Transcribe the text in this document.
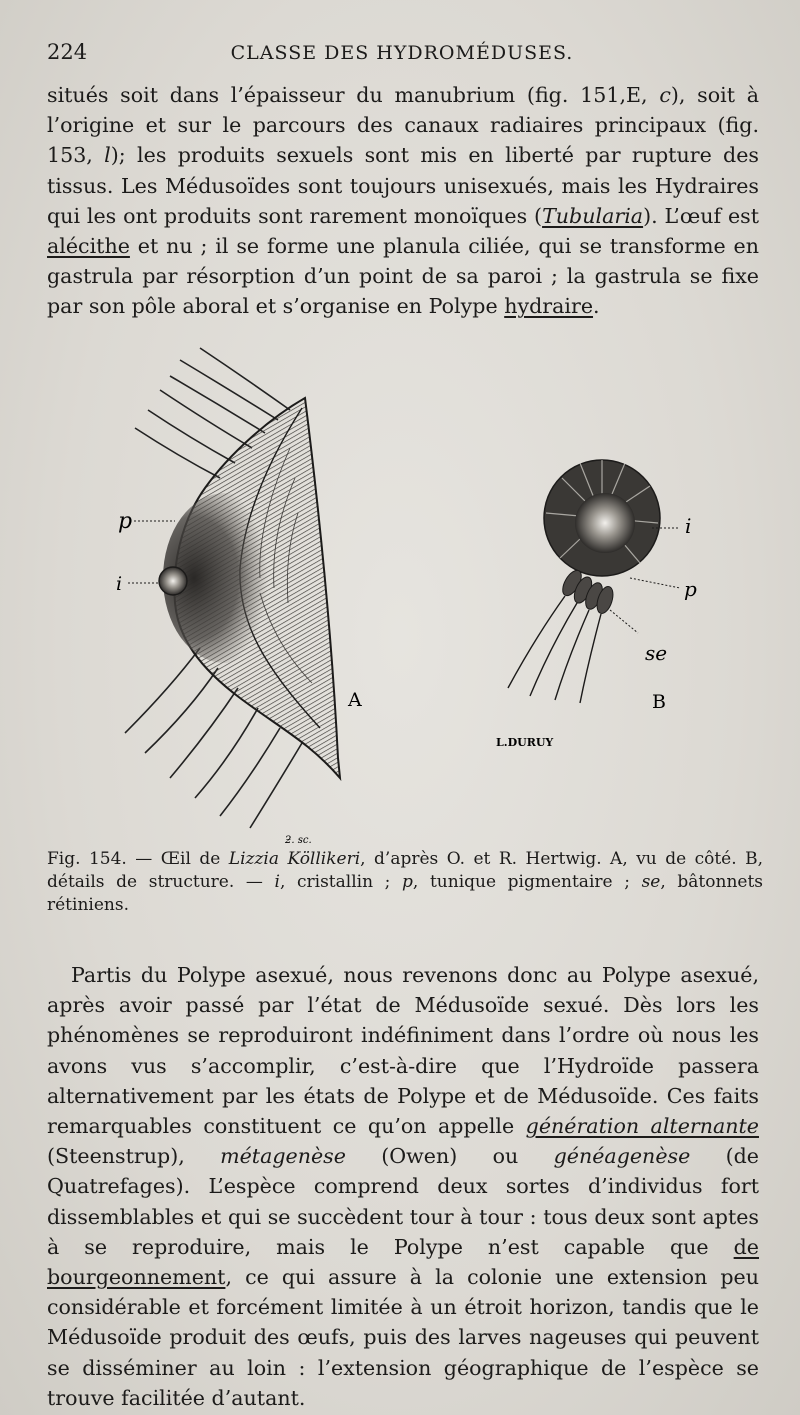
224	CLASSE DES HYDROMÉDUSES.

situés soit dans l’épaisseur du manubrium (fig. 151,E, c), soit à l’origine et sur le parcours des canaux radiaires principaux (fig. 153, l); les produits sexuels sont mis en liberté par rupture des tissus. Les Médusoïdes sont toujours unisexués, mais les Hydraires qui les ont produits sont rarement monoïques (Tubularia). L’œuf est alécithe et nu ; il se forme une planula ciliée, qui se transforme en gastrula par résorption d’un point de sa paroi ; la gastrula se fixe par son pôle aboral et s’organise en Polype hydraire.

p
i
A
ƻ. sc.
i
p
se
B
L.DURUY

Fig. 154. — Œil de Lizzia Köllikeri, d’après O. et R. Hertwig. A, vu de côté. B, détails de structure. — i, cristallin ; p, tunique pigmentaire ; se, bâtonnets rétiniens.

Partis du Polype asexué, nous revenons donc au Polype asexué, après avoir passé par l’état de Médusoïde sexué. Dès lors les phénomènes se reproduiront indéfiniment dans l’ordre où nous les avons vus s’accomplir, c’est-à-dire que l’Hydroïde passera alternativement par les états de Polype et de Médusoïde. Ces faits remarquables constituent ce qu’on appelle génération alternante (Steenstrup), métagenèse (Owen) ou généagenèse (de Quatrefages). L’espèce comprend deux sortes d’individus fort dissemblables et qui se succèdent tour à tour : tous deux sont aptes à se reproduire, mais le Polype n’est capable que de bourgeonnement, ce qui assure à la colonie une extension peu considérable et forcément limitée à un étroit horizon, tandis que le Médusoïde produit des œufs, puis des larves nageuses qui peuvent se disséminer au loin : l’extension géographique de l’espèce se trouve facilitée d’autant.
